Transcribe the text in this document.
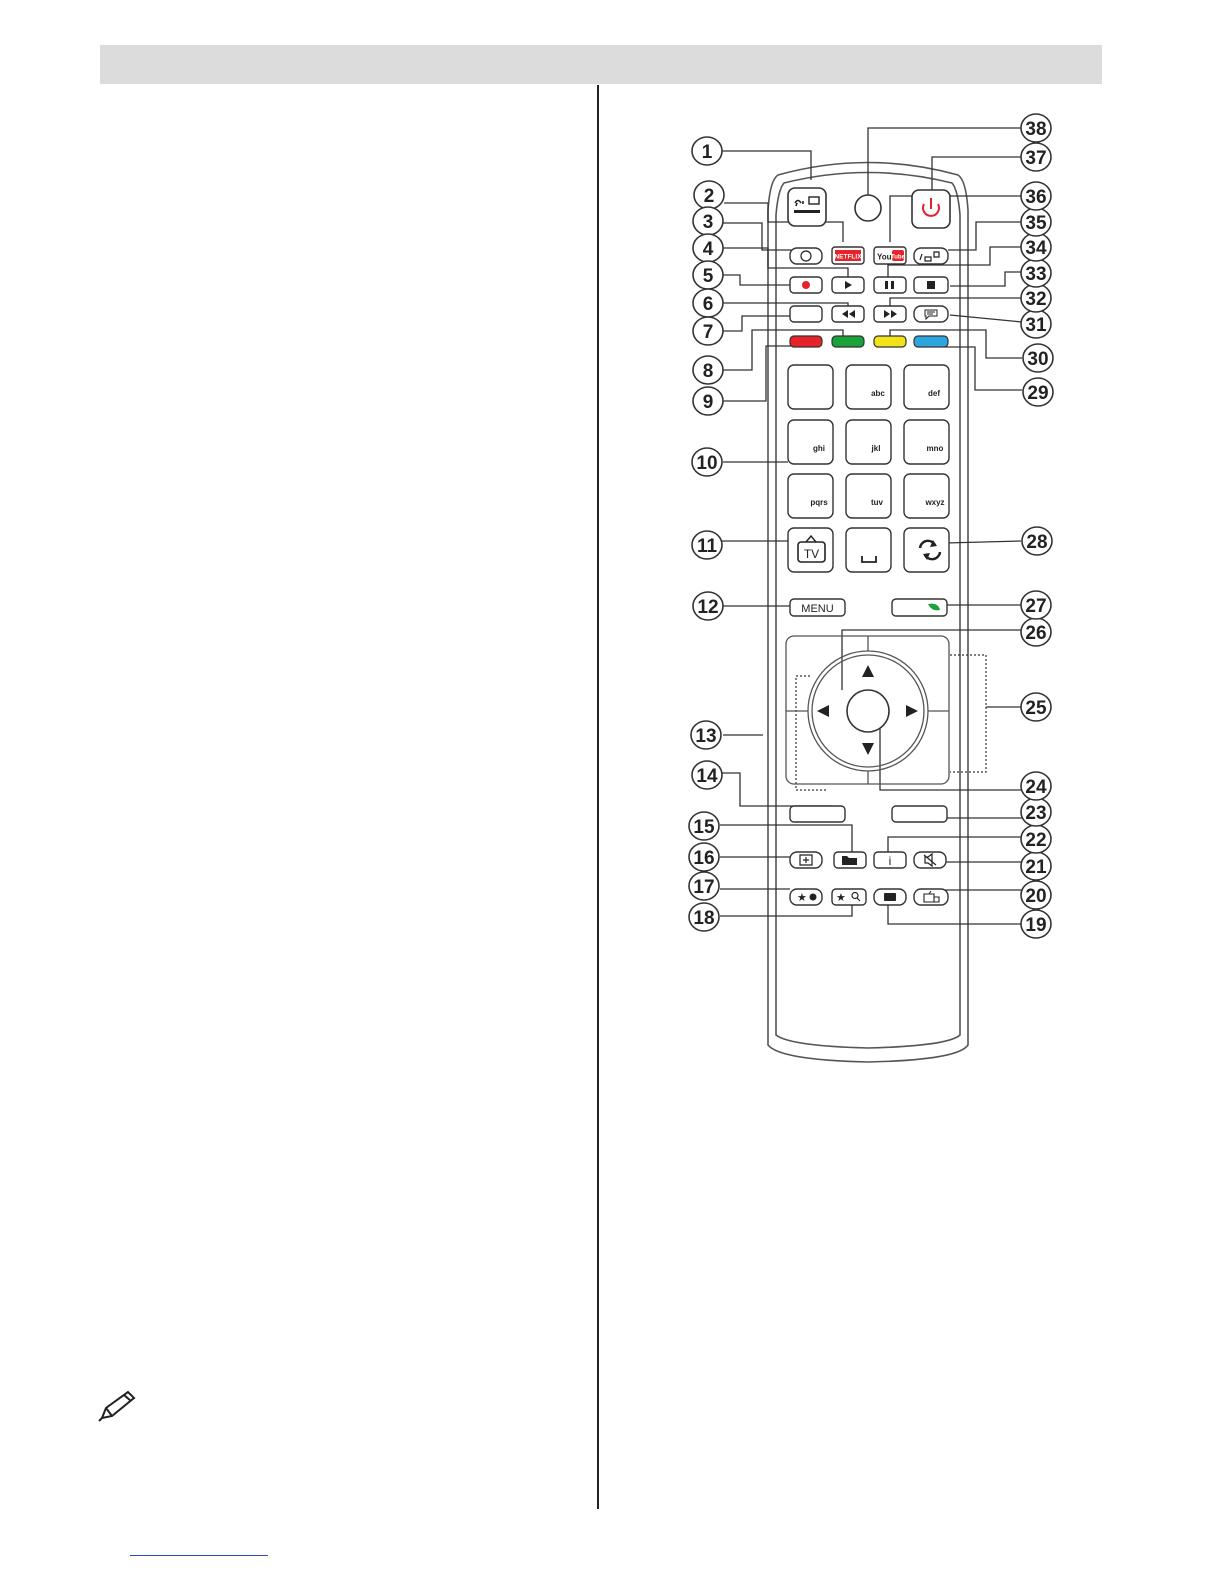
NETFLIX You Tube
abc	def
ghi	jkl	mno
pqrs	tuv	wxyz
TV
MENU
i
★	★
1
2
3
4
5
6
7
8
9
10
11
12
13
14
15
16
17
18	19
20
21
22
23
24
25
26
27
28
29
30
31
32
33
34
35
36
37
38
